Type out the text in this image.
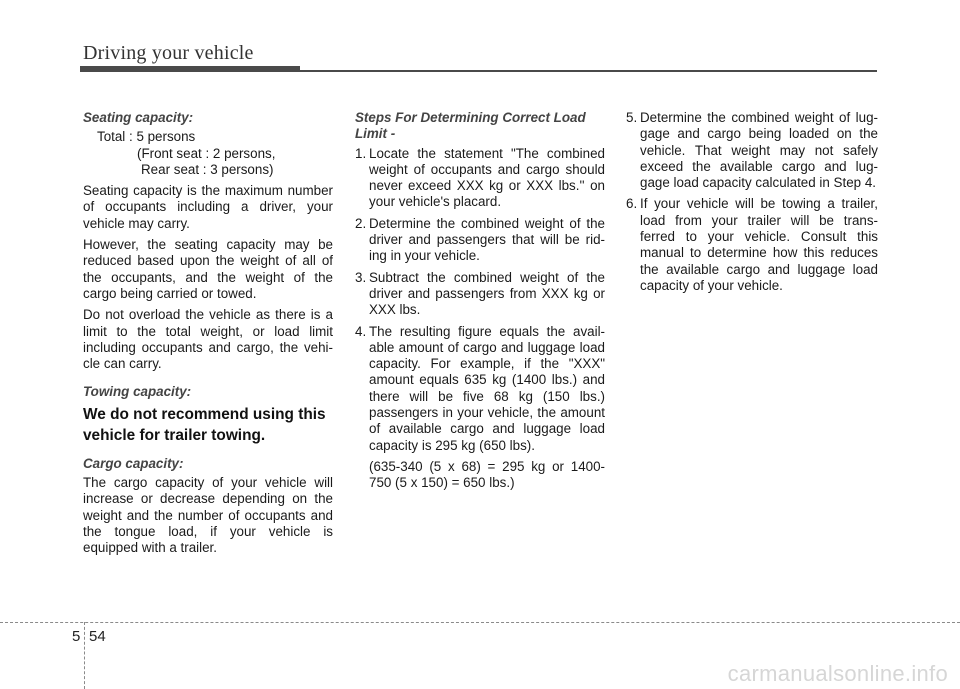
Driving your vehicle
Seating capacity:

Total : 5 persons

(Front seat : 2 persons,

Rear seat : 3 persons)

Seating capacity is the maximum number of occupants including a driver, your vehicle may carry.

However, the seating capacity may be reduced based upon the weight of all of the occupants, and the weight of the cargo being carried or towed.

Do not overload the vehicle as there is a limit to the total weight, or load limit including occupants and cargo, the vehi- cle can carry.

Towing capacity:
We do not recommend using this vehicle for trailer towing.
Cargo capacity:

The cargo capacity of your vehicle will increase or decrease depending on the weight and the number of occupants and the tongue load, if your vehicle is equipped with a trailer.

Steps For Determining Correct Load Limit -
1. Locate the statement "The combined weight of occupants and cargo should never exceed XXX kg or XXX lbs.'' on your vehicle's placard.
2. Determine the combined weight of the driver and passengers that will be rid- ing in your vehicle.
3. Subtract the combined weight of the driver and passengers from XXX kg or XXX lbs.
4. The resulting figure equals the avail- able amount of cargo and luggage load capacity. For example, if the "XXX" amount equals 635 kg (1400 lbs.) and there will be five 68 kg (150 lbs.) passengers in your vehicle, the amount of available cargo and luggage load capacity is 295 kg (650 lbs).

(635-340 (5 x 68) = 295 kg or 1400- 750 (5 x 150) = 650 lbs.)

5. Determine the combined weight of lug- gage and cargo being loaded on the vehicle. That weight may not safely exceed the available cargo and lug- gage load capacity calculated in Step 4.
6. If your vehicle will be towing a trailer, load from your trailer will be trans- ferred to your vehicle. Consult this manual to determine how this reduces the available cargo and luggage load capacity of your vehicle.
5 54
carmanualsonline.info
